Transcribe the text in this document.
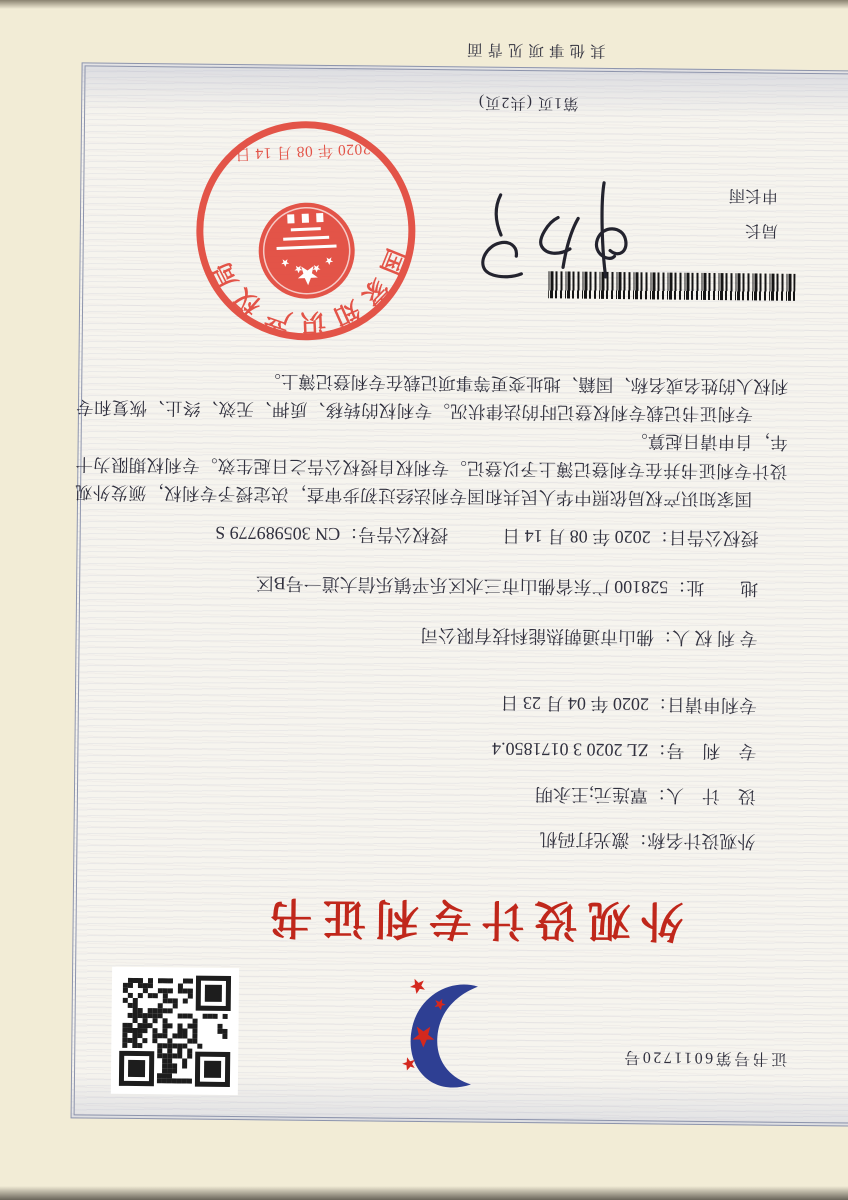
证书号第6011720号
外观设计专利证书
外观设计名称：激光打码机
设　计　人：覃连元;王永明
专　利　号：ZL 2020 3 0171850.4
专利申请日：2020 年 04 月 23 日
专 利 权 人：佛山市通朝热能科技有限公司
地　　址：528100 广东省佛山市三水区乐平镇乐信大道一号B区
授权公告日：2020 年 08 月 14 日
授权公告号：CN 305989779 S

国家知识产权局依照中华人民共和国专利法经过初步审查，决定授予专利权，颁发外观设计专利证书并在专利登记簿上予以登记。专利权自授权公告之日起生效。专利权期限为十年，自申请日起算。

专利证书记载专利权登记时的法律状况。专利权的转移、质押、无效、终止、恢复和专利权人的姓名或名称、国籍、地址变更等事项记载在专利登记簿上。

局长
申长雨
国家知识产权局
2020 年 08 月 14 日
第1页 (共2页)
其他事项见背面
